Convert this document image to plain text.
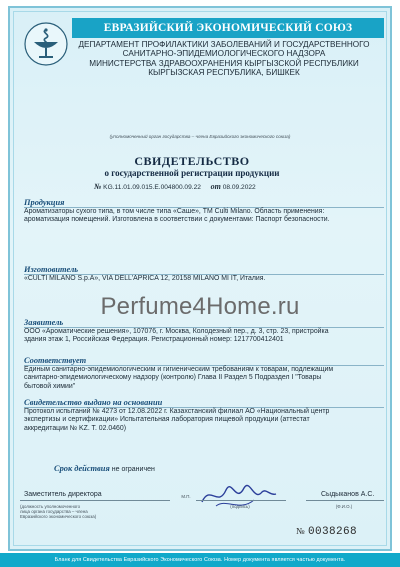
ЕВРАЗИЙСКИЙ ЭКОНОМИЧЕСКИЙ СОЮЗ
ДЕПАРТАМЕНТ ПРОФИЛАКТИКИ ЗАБОЛЕВАНИЙ И ГОСУДАРСТВЕННОГО
САНИТАРНО-ЭПИДЕМИОЛОГИЧЕСКОГО НАДЗОРА
МИНИСТЕРСТВА ЗДРАВООХРАНЕНИЯ КЫРГЫЗСКОЙ РЕСПУБЛИКИ
КЫРГЫЗСКАЯ РЕСПУБЛИКА, БИШКЕК
(уполномоченный орган государства – члена Евразийского экономического союза)
СВИДЕТЕЛЬСТВО
о государственной регистрации продукции
№ KG.11.01.09.015.E.004800.09.22 от 08.09.2022
Продукция
Ароматизаторы сухого типа, в том числе типа «Саше», ТМ Culti Milano. Область применения:
ароматизация помещений. Изготовлена в соответствии с документами: Паспорт безопасности.
Изготовитель
«CULTI MILANO S.p.A», VIA DELL'APRICA 12, 20158 MILANO MI IT, Италия.
Заявитель
ООО «Ароматические решения», 107076, г. Москва, Колодезный пер., д. 3, стр. 23, пристройка
здания этаж 1, Российская Федерация. Регистрационный номер: 1217700412401
Соответствует
Единым санитарно-эпидемиологическим и гигиеническим требованиям к товарам, подлежащим
санитарно-эпидемиологическому надзору (контролю) Глава II Раздел 5 Подраздел I "Товары
бытовой химии"
Свидетельство выдано на основании
Протокол испытаний № 4273 от 12.08.2022 г. Казахстанский филиал АО «Национальный центр
экспертизы и сертификации» Испытательная лаборатория пищевой продукции (аттестат
аккредитации № KZ. T. 02.0460)
Срок действия не ограничен
Заместитель директора
(должность уполномоченного
лица органа государства – члена
Евразийского экономического союза)
М.П.
(подпись)
Сыдыканов А.С.
(Ф.И.О.)
№ 0038268
Perfume4Home.ru
Бланк для Свидетельства Евразийского Экономического Союза. Номер документа является частью документа.
